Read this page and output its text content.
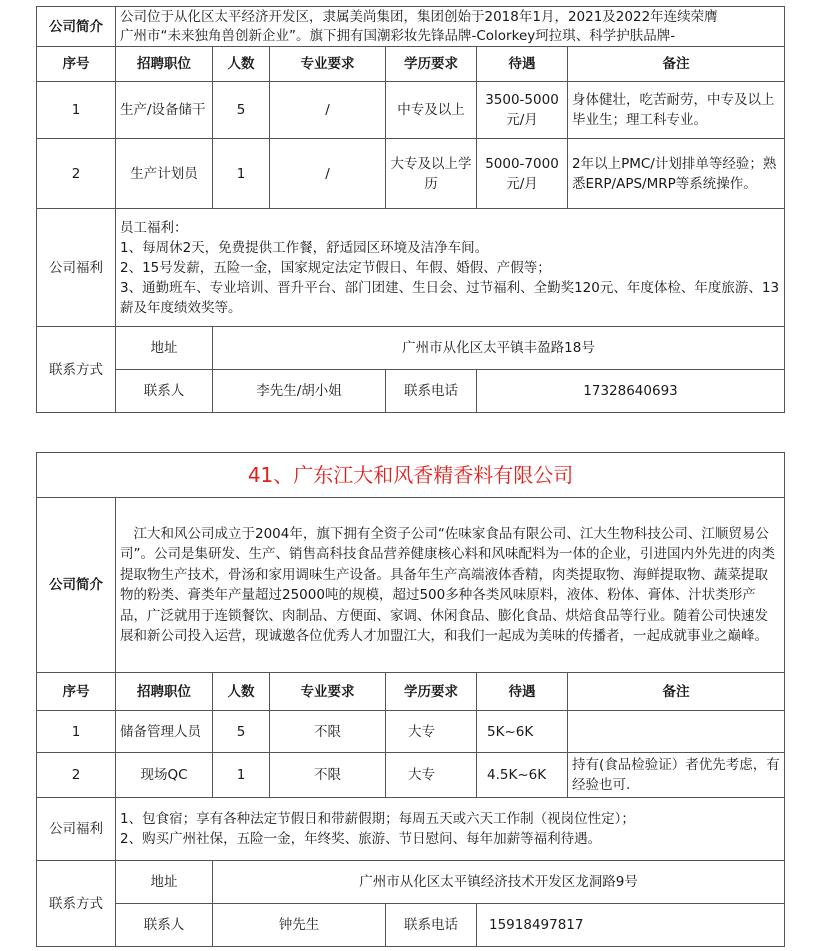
公司简介	公司位于从化区太平经济开发区，隶属美尚集团，集团创始于2018年1月，2021及2022年连续荣膺
广州市“未来独角兽创新企业”。旗下拥有国潮彩妆先锋品牌-Colorkey珂拉琪、科学护肤品牌-					

序号	招聘职位	人数	专业要求	学历要求	待遇	备注
1	生产/设备储干	5	/	中专及以上	3500-5000元/月	身体健壮，吃苦耐劳，中专及以上毕业生；理工科专业。
2	生产计划员	1	/	大专及以上学历	5000-7000元/月	2年以上PMC/计划排单等经验；熟悉ERP/APS/MRP等系统操作。
公司福利	员工福利：
1、每周休2天，免费提供工作餐，舒适园区环境及洁净车间。
2、15号发薪，五险一金，国家规定法定节假日、年假、婚假、产假等；
3、通勤班车、专业培训、晋升平台、部门团建、生日会、过节福利、全勤奖120元、年度体检、年度旅游、13薪及年度绩效奖等。					

联系方式	地址	广州市从化区太平镇丰盈路18号				
	联系人	李先生/胡小姐		联系电话	17328640693	
41、广东江大和风香精香料有限公司						
公司简介	江大和风公司成立于2004年，旗下拥有全资子公司“佐味家食品有限公司、江大生物科技公司、江顺贸易公司”。公司是集研发、生产、销售高科技食品营养健康核心料和风味配料为一体的企业，引进国内外先进的肉类提取物生产技术，骨汤和家用调味生产设备。具备年生产高端液体香精，肉类提取物、海鲜提取物、蔬菜提取物的粉类、膏类年产量超过25000吨的规模，超过500多种各类风味原料，液体、粉体、膏体、汁状类形产品，广泛就用于连锁餐饮、肉制品、方便面、家调、休闲食品、膨化食品、烘焙食品等行业。随着公司快速发展和新公司投入运营，现诚邀各位优秀人才加盟江大，和我们一起成为美味的传播者，一起成就事业之巅峰。					
序号	招聘职位	人数	专业要求	学历要求	待遇	备注
1	储备管理人员	5	不限	大专	5K~6K	
2	现场QC	1	不限	大专	4.5K~6K	持有(食品检验证）者优先考虑，有经验也可.
公司福利	1、包食宿；享有各种法定节假日和带薪假期；每周五天或六天工作制（视岗位性定）；
2、购买广州社保，五险一金，年终奖、旅游、节日慰问、每年加薪等福利待遇。					

联系方式	地址	广州市从化区太平镇经济技术开发区龙洞路9号				
	联系人	钟先生		联系电话	15918497817	
